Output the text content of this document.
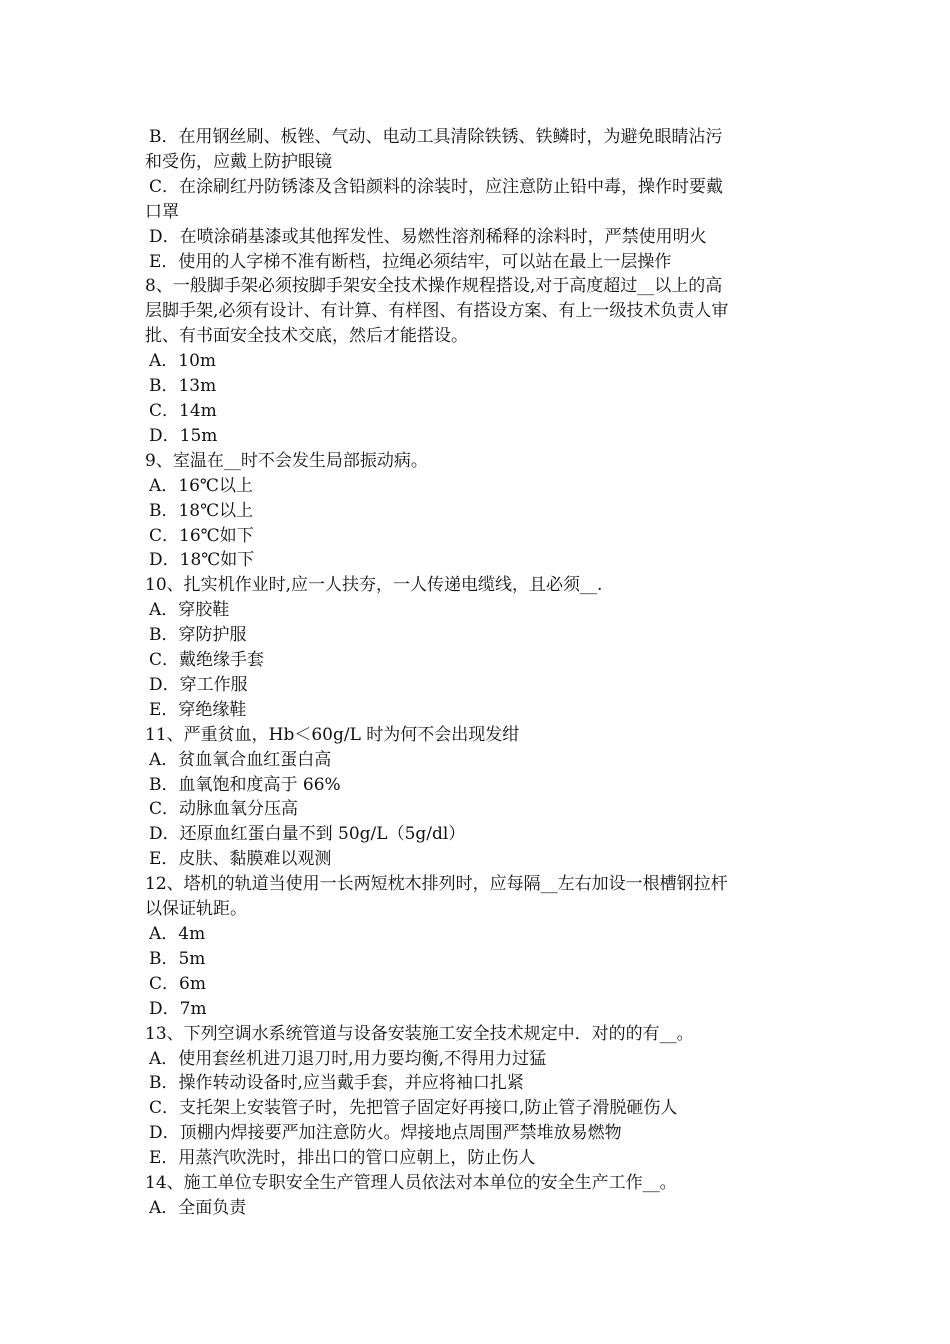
B．在用钢丝刷、板锉、气动、电动工具清除铁锈、铁鳞时，为避免眼睛沾污

和受伤，应戴上防护眼镜

C．在涂刷红丹防锈漆及含铅颜料的涂装时，应注意防止铅中毒，操作时要戴

口罩

D．在喷涂硝基漆或其他挥发性、易燃性溶剂稀释的涂料时，严禁使用明火

E．使用的人字梯不准有断档，拉绳必须结牢，可以站在最上一层操作

8、一般脚手架必须按脚手架安全技术操作规程搭设,对于高度超过__以上的高

层脚手架,必须有设计、有计算、有样图、有搭设方案、有上一级技术负责人审

批、有书面安全技术交底，然后才能搭设。

A．10m

B．13m

C．14m

D．15m

9、室温在__时不会发生局部振动病。

A．16℃以上

B．18℃以上

C．16℃如下

D．18℃如下

10、扎实机作业时,应一人扶夯，一人传递电缆线，且必须__.

A．穿胶鞋

B．穿防护服

C．戴绝缘手套

D．穿工作服

E．穿绝缘鞋

11、严重贫血，Hb＜60g/L 时为何不会出现发绀

A．贫血氧合血红蛋白高

B．血氧饱和度高于 66%

C．动脉血氧分压高

D．还原血红蛋白量不到 50g/L（5g/dl）

E．皮肤、黏膜难以观测

12、塔机的轨道当使用一长两短枕木排列时，应每隔__左右加设一根槽钢拉杆

以保证轨距。

A．4m

B．5m

C．6m

D．7m

13、下列空调水系统管道与设备安装施工安全技术规定中．对的的有__。

A．使用套丝机进刀退刀时,用力要均衡,不得用力过猛

B．操作转动设备时,应当戴手套，并应将袖口扎紧

C．支托架上安装管子时，先把管子固定好再接口,防止管子滑脱砸伤人

D．顶棚内焊接要严加注意防火。焊接地点周围严禁堆放易燃物

E．用蒸汽吹洗时，排出口的管口应朝上，防止伤人

14、施工单位专职安全生产管理人员依法对本单位的安全生产工作__。

A．全面负责
